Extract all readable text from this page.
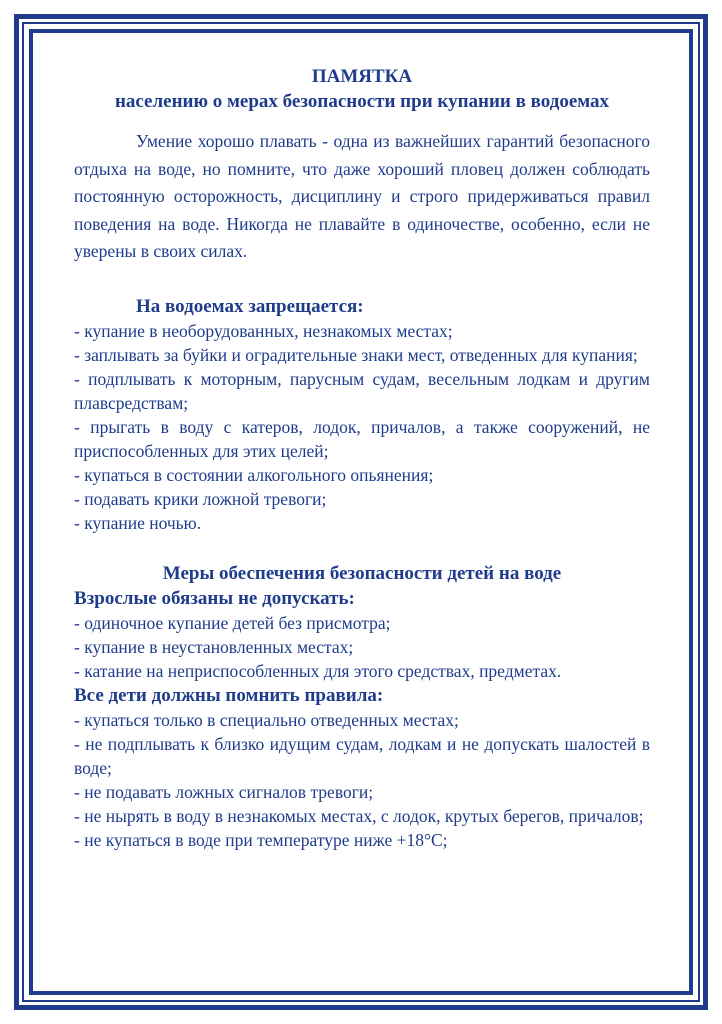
ПАМЯТКА
населению о мерах безопасности при купании в водоемах
Умение хорошо плавать - одна из важнейших гарантий безопасного отдыха на воде, но помните, что даже хороший пловец должен соблюдать постоянную осторожность, дисциплину и строго придерживаться правил поведения на воде. Никогда не плавайте в одиночестве, особенно, если не уверены в своих силах.
На водоемах запрещается:
- купание в необорудованных, незнакомых местах;
- заплывать за буйки и оградительные знаки мест, отведенных для купания;
- подплывать к моторным, парусным судам, весельным лодкам и другим плавсредствам;
- прыгать в воду с катеров, лодок, причалов, а также сооружений, не приспособленных для этих целей;
- купаться в состоянии алкогольного опьянения;
- подавать крики ложной тревоги;
- купание ночью.
Меры обеспечения безопасности детей на воде
Взрослые обязаны не допускать:
- одиночное купание детей без присмотра;
- купание в неустановленных местах;
- катание на неприспособленных для этого средствах, предметах.
Все дети должны помнить правила:
- купаться только в специально отведенных местах;
- не подплывать к близко идущим судам, лодкам и не допускать шалостей в воде;
- не подавать ложных сигналов тревоги;
- не нырять в воду в незнакомых местах, с лодок, крутых берегов, причалов;
- не купаться в воде при температуре ниже +18°С;
